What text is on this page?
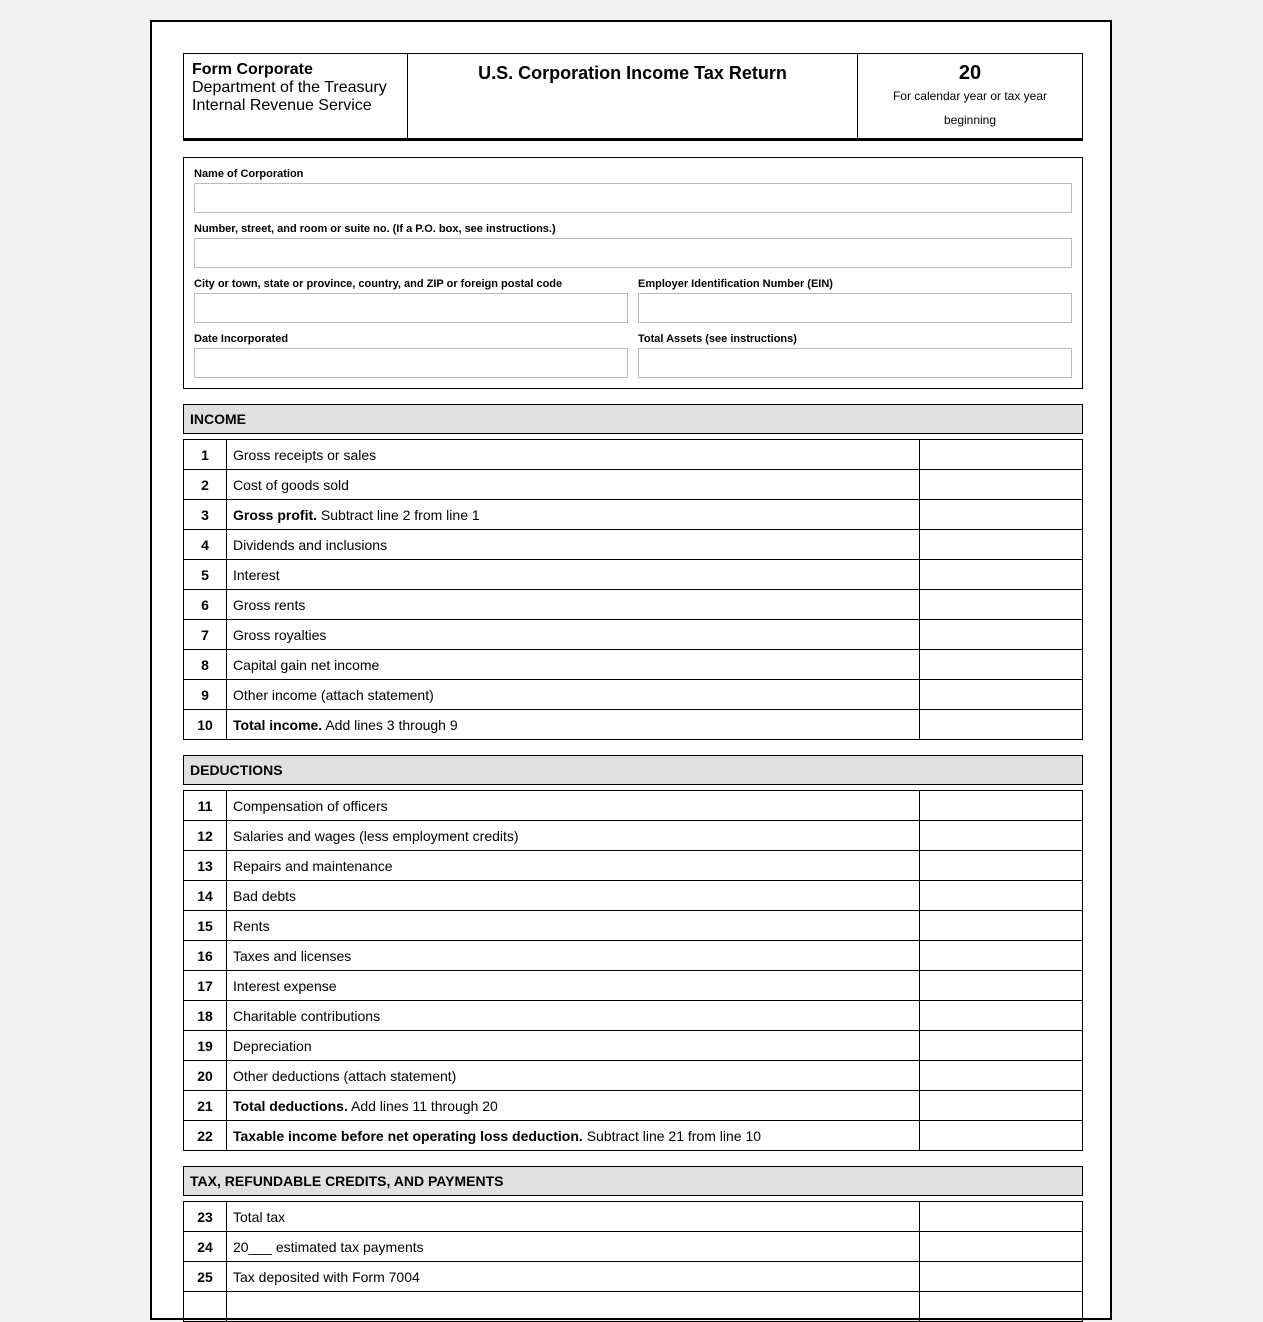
Form Corporate
Department of the Treasury
Internal Revenue Service
U.S. Corporation Income Tax Return	20
For calendar year or tax year
beginning
Name of Corporation
Number, street, and room or suite no. (If a P.O. box, see instructions.)
City or town, state or province, country, and ZIP or foreign postal code	Employer Identification Number (EIN)
Date Incorporated	Total Assets (see instructions)
INCOME
1	Gross receipts or sales	
2	Cost of goods sold	
3	Gross profit. Subtract line 2 from line 1	
4	Dividends and inclusions	
5	Interest	
6	Gross rents	
7	Gross royalties	
8	Capital gain net income	
9	Other income (attach statement)	
10	Total income. Add lines 3 through 9	
DEDUCTIONS
11	Compensation of officers	
12	Salaries and wages (less employment credits)	
13	Repairs and maintenance	
14	Bad debts	
15	Rents	
16	Taxes and licenses	
17	Interest expense	
18	Charitable contributions	
19	Depreciation	
20	Other deductions (attach statement)	
21	Total deductions. Add lines 11 through 20	
22	Taxable income before net operating loss deduction. Subtract line 21 from line 10	
TAX, REFUNDABLE CREDITS, AND PAYMENTS
23	Total tax	
24	20___ estimated tax payments	
25	Tax deposited with Form 7004	
